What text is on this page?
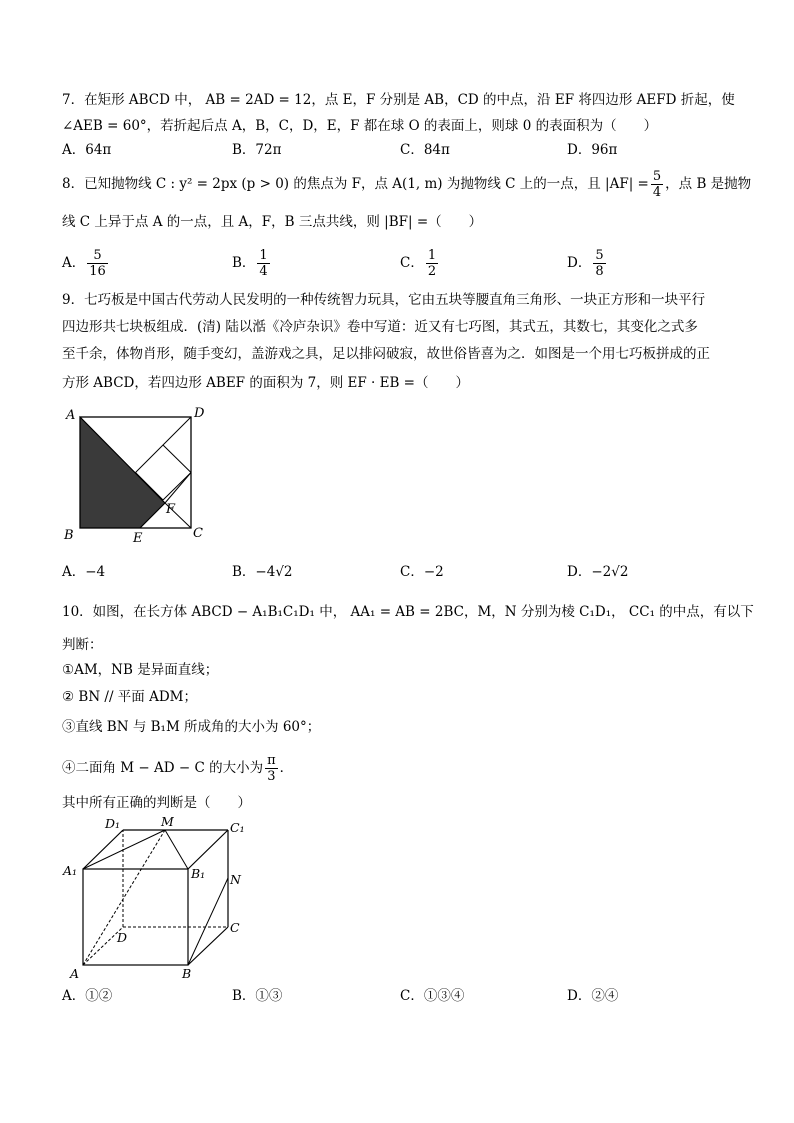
7．在矩形 ABCD 中， AB = 2AD = 12，点 E，F 分别是 AB，CD 的中点，沿 EF 将四边形 AEFD 折起，使
∠AEB = 60°，若折起后点 A，B，C，D，E，F 都在球 O 的表面上，则球 0 的表面积为（　　）
A．64π	B．72π	C．84π	D．96π
8．已知抛物线 C : y² = 2px (p > 0) 的焦点为 F，点 A(1, m) 为抛物线 C 上的一点，且 $|AF| = \frac{5}{4}$ ，点 B 是抛物
线 C 上异于点 A 的一点，且 A，F，B 三点共线，则 |BF| =（　　）
A． $\frac{5}{16}$	B． $\frac{1}{4}$	C． $\frac{1}{2}$	D． $\frac{5}{8}$
9．七巧板是中国古代劳动人民发明的一种传统智力玩具，它由五块等腰直角三角形、一块正方形和一块平行
四边形共七块板组成．(清) 陆以湉《冷庐杂识》卷中写道：近又有七巧图，其式五，其数七，其变化之式多
至千余，体物肖形，随手变幻，盖游戏之具，足以排闷破寂，故世俗皆喜为之．如图是一个用七巧板拼成的正
方形 ABCD，若四边形 ABEF 的面积为 7，则 EF · EB =（　　）
A	D
B	C
E
F
A．−4	B．−4√2	C．−2	D．−2√2
10．如图，在长方体 ABCD − A₁B₁C₁D₁ 中， AA₁ = AB = 2BC，M，N 分别为棱 C₁D₁， CC₁ 的中点，有以下
判断：
①AM，NB 是异面直线；
② BN // 平面 ADM；
③直线 BN 与 B₁M 所成角的大小为 60°；
④二面角 M − AD − C 的大小为 $\frac{\pi}{3}$ ．
其中所有正确的判断是（　　）
D₁	M	C₁
A₁	B₁ N
D
C
A	B
A．①②	B．①③	C．①③④	D．②④
